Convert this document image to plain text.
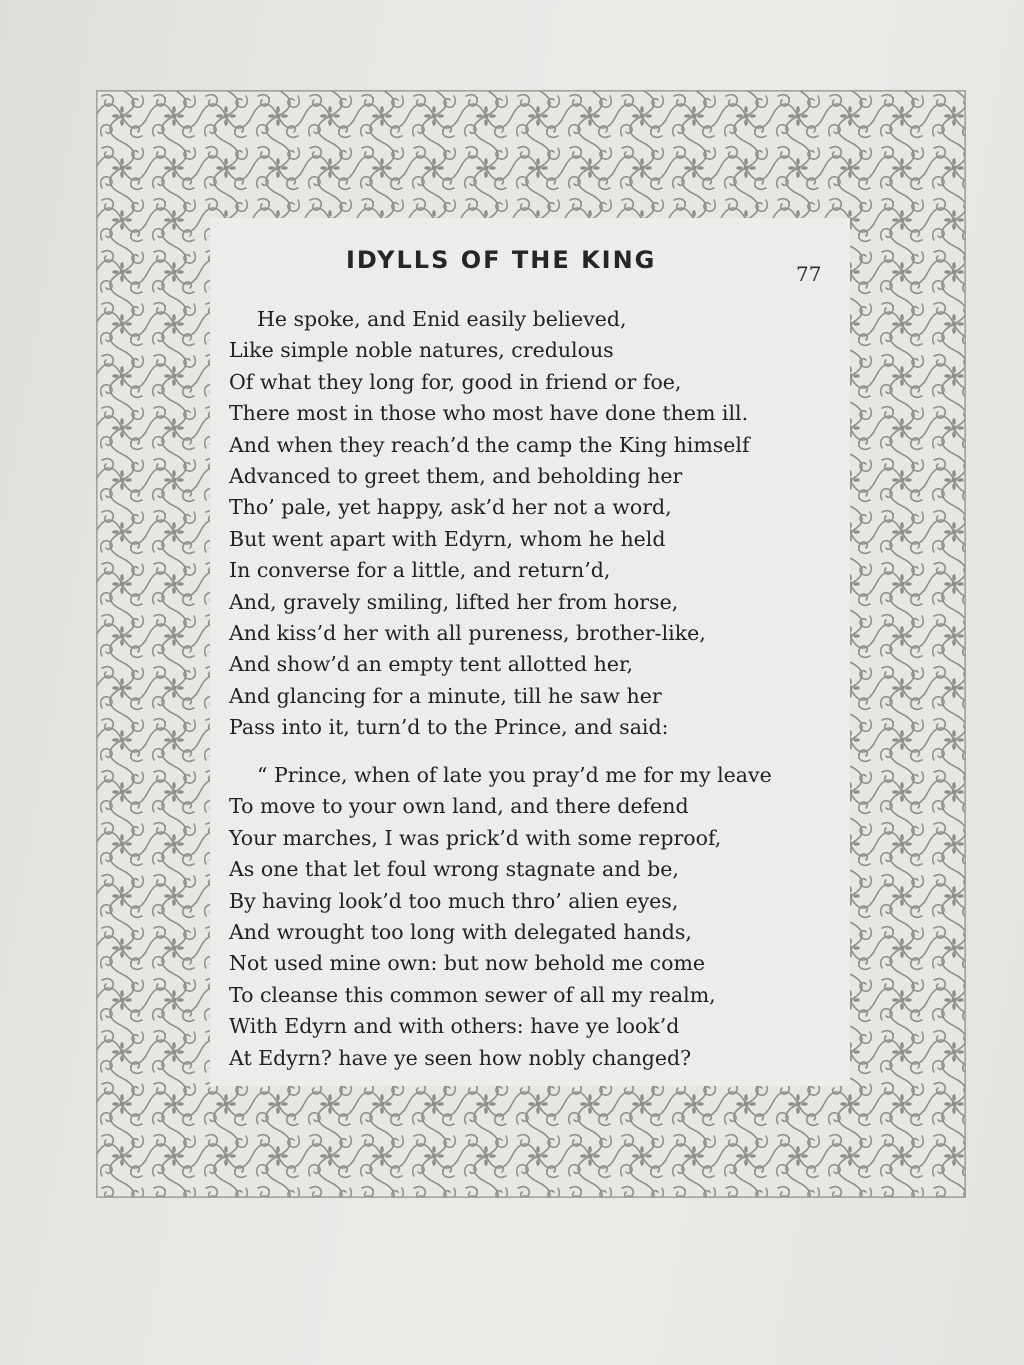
IDYLLS OF THE KING	77
He spoke, and Enid easily believed,
Like simple noble natures, credulous
Of what they long for, good in friend or foe,
There most in those who most have done them ill.
And when they reach’d the camp the King himself
Advanced to greet them, and beholding her
Tho’ pale, yet happy, ask’d her not a word,
But went apart with Edyrn, whom he held
In converse for a little, and return’d,
And, gravely smiling, lifted her from horse,
And kiss’d her with all pureness, brother-like,
And show’d an empty tent allotted her,
And glancing for a minute, till he saw her
Pass into it, turn’d to the Prince, and said:
“ Prince, when of late you pray’d me for my leave
To move to your own land, and there defend
Your marches, I was prick’d with some reproof,
As one that let foul wrong stagnate and be,
By having look’d too much thro’ alien eyes,
And wrought too long with delegated hands,
Not used mine own: but now behold me come
To cleanse this common sewer of all my realm,
With Edyrn and with others: have ye look’d
At Edyrn? have ye seen how nobly changed?
